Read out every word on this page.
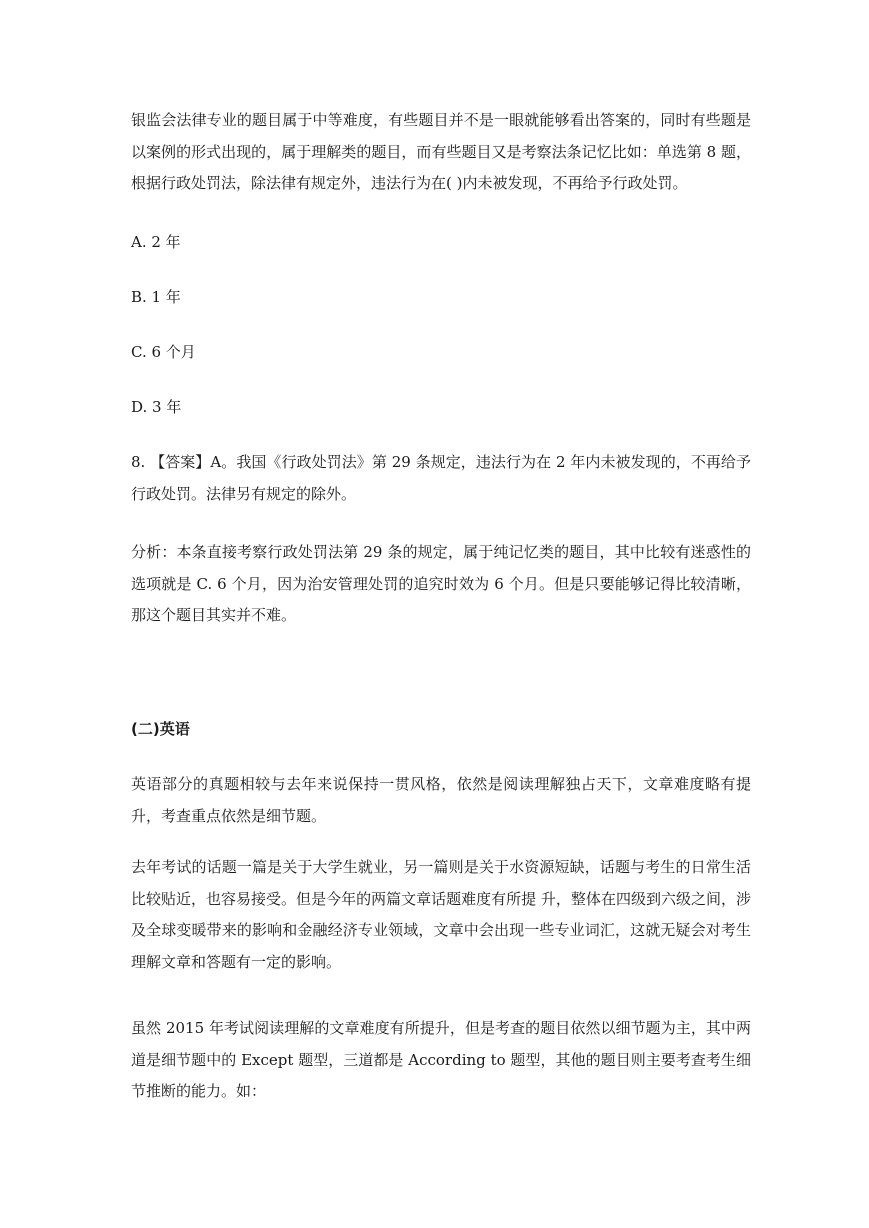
银监会法律专业的题目属于中等难度，有些题目并不是一眼就能够看出答案的，同时有些题是以案例的形式出现的，属于理解类的题目，而有些题目又是考察法条记忆比如：单选第 8 题，根据行政处罚法，除法律有规定外，违法行为在( )内未被发现，不再给予行政处罚。

A. 2 年

B. 1 年

C. 6 个月

D. 3 年

8. 【答案】A。我国《行政处罚法》第 29 条规定，违法行为在 2 年内未被发现的，不再给予行政处罚。法律另有规定的除外。

分析：本条直接考察行政处罚法第 29 条的规定，属于纯记忆类的题目，其中比较有迷惑性的选项就是 C. 6 个月，因为治安管理处罚的追究时效为 6 个月。但是只要能够记得比较清晰，那这个题目其实并不难。

(二)英语

英语部分的真题相较与去年来说保持一贯风格，依然是阅读理解独占天下，文章难度略有提升，考查重点依然是细节题。

去年考试的话题一篇是关于大学生就业，另一篇则是关于水资源短缺，话题与考生的日常生活比较贴近，也容易接受。但是今年的两篇文章话题难度有所提 升，整体在四级到六级之间，涉及全球变暖带来的影响和金融经济专业领域，文章中会出现一些专业词汇，这就无疑会对考生理解文章和答题有一定的影响。

虽然 2015 年考试阅读理解的文章难度有所提升，但是考查的题目依然以细节题为主，其中两道是细节题中的 Except 题型，三道都是 According to 题型，其他的题目则主要考查考生细节推断的能力。如：
